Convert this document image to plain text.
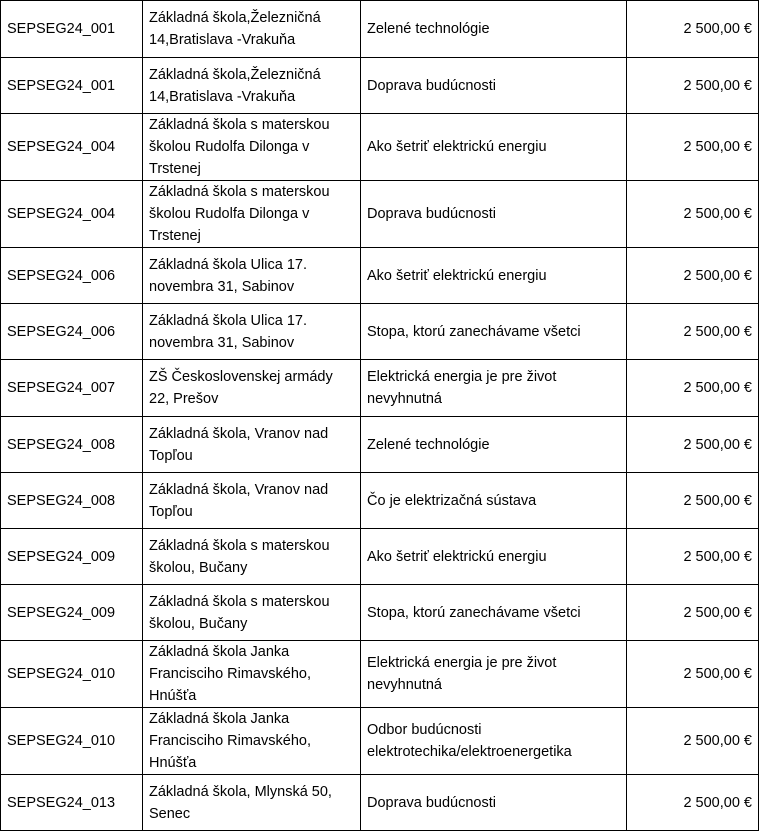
SEPSEG24_001	Základná škola,Železničná 14,Bratislava -Vrakuňa	Zelené technológie	2 500,00 €
SEPSEG24_001	Základná škola,Železničná 14,Bratislava -Vrakuňa	Doprava budúcnosti	2 500,00 €
SEPSEG24_004	Základná škola s materskou školou Rudolfa Dilonga v Trstenej	Ako šetriť elektrickú energiu	2 500,00 €
SEPSEG24_004	Základná škola s materskou školou Rudolfa Dilonga v Trstenej	Doprava budúcnosti	2 500,00 €
SEPSEG24_006	Základná škola Ulica 17. novembra 31, Sabinov	Ako šetriť elektrickú energiu	2 500,00 €
SEPSEG24_006	Základná škola Ulica 17. novembra 31, Sabinov	Stopa, ktorú zanechávame všetci	2 500,00 €
SEPSEG24_007	ZŠ Československej armády 22, Prešov	Elektrická energia je pre život nevyhnutná	2 500,00 €
SEPSEG24_008	Základná škola, Vranov nad Topľou	Zelené technológie	2 500,00 €
SEPSEG24_008	Základná škola, Vranov nad Topľou	Čo je elektrizačná sústava	2 500,00 €
SEPSEG24_009	Základná škola s materskou školou, Bučany	Ako šetriť elektrickú energiu	2 500,00 €
SEPSEG24_009	Základná škola s materskou školou, Bučany	Stopa, ktorú zanechávame všetci	2 500,00 €
SEPSEG24_010	Základná škola Janka Francisciho Rimavského, Hnúšťa	Elektrická energia je pre život nevyhnutná	2 500,00 €
SEPSEG24_010	Základná škola Janka Francisciho Rimavského, Hnúšťa	Odbor budúcnosti elektrotechika/elektroenergetika	2 500,00 €
SEPSEG24_013	Základná škola, Mlynská 50, Senec	Doprava budúcnosti	2 500,00 €
